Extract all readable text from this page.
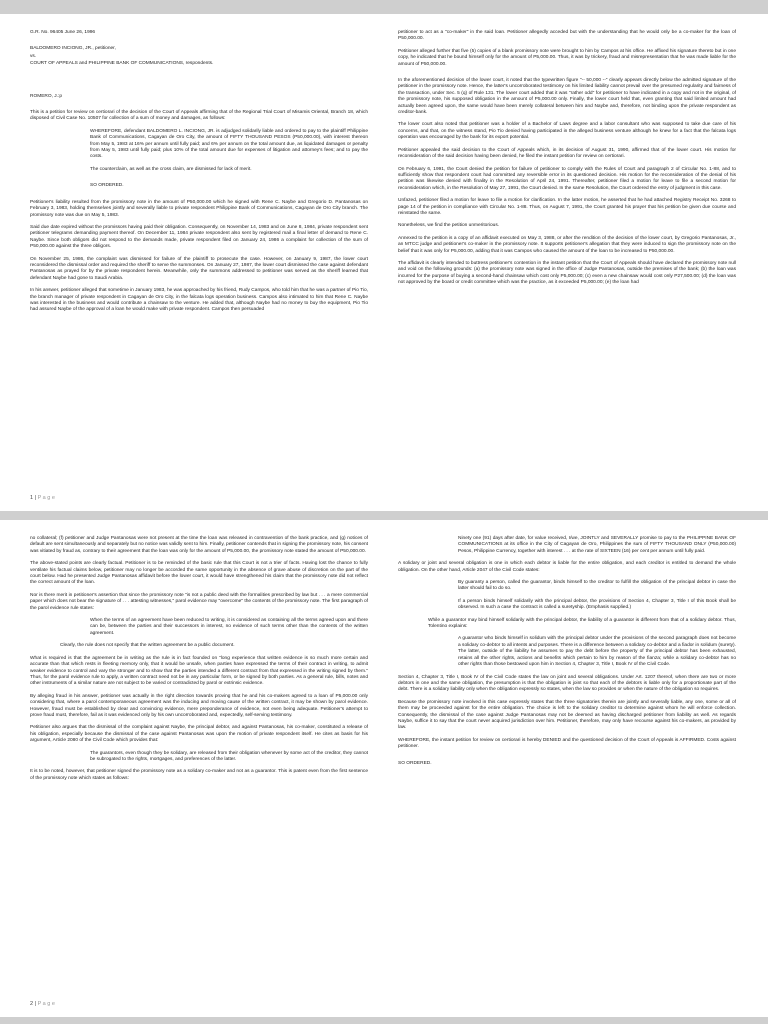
G.R. No. 96405 June 26, 1996

BALDOMERO INCIONG, JR., petitioner,

vs.

COURT OF APPEALS and PHILIPPINE BANK OF COMMUNICATIONS, respondents.

ROMERO, J.:p

This is a petition for review on certiorari of the decision of the Court of Appeals affirming that of the Regional Trial Court of Misamis Oriental, Branch 18, which disposed of Civil Case No. 10507 for collection of a sum of money and damages, as follows:

WHEREFORE, defendant BALDOMERO L. INCIONG, JR. is adjudged solidarily liable and ordered to pay to the plaintiff Philippine Bank of Communications, Cagayan de Oro City, the amount of FIFTY THOUSAND PESOS (P50,000.00), with interest thereon from May 5, 1983 at 16% per annum until fully paid; and 6% per annum on the total amount due, as liquidated damages or penalty from May 5, 1983 until fully paid; plus 10% of the total amount due for expenses of litigation and attorney's fees; and to pay the costs.

The counterclaim, as well as the cross claim, are dismissed for lack of merit.

SO ORDERED.

Petitioner's liability resulted from the promissory note in the amount of P50,000.00 which he signed with Rene C. Naybe and Gregorio D. Pantanosas on February 3, 1983, holding themselves jointly and severally liable to private respondent Philippine Bank of Communications, Cagayan de Oro City branch. The promissory note was due on May 5, 1983.

Said due date expired without the promissors having paid their obligation. Consequently, on November 14, 1983 and on June 8, 1984, private respondent sent petitioner telegrams demanding payment thereof. On December 11, 1984 private respondent also sent by registered mail a final letter of demand to Rene C. Naybe. Since both obligors did not respond to the demands made, private respondent filed on January 24, 1986 a complaint for collection of the sum of P50,000.00 against the three obligors.

On November 25, 1986, the complaint was dismissed for failure of the plaintiff to prosecute the case. However, on January 9, 1987, the lower court reconsidered the dismissal order and required the sheriff to serve the summonses. On January 27, 1987, the lower court dismissed the case against defendant Pantanosas as prayed for by the private respondent herein. Meanwhile, only the summons addressed to petitioner was served as the sheriff learned that defendant Naybe had gone to Saudi Arabia.

In his answer, petitioner alleged that sometime in January 1983, he was approached by his friend, Rudy Campos, who told him that he was a partner of Pio Tio, the branch manager of private respondent in Cagayan de Oro City, in the falcata logs operation business. Campos also intimated to him that Rene C. Naybe was interested in the business and would contribute a chainsaw to the venture. He added that, although Naybe had no money to buy the equipment, Pio Tio had assured Naybe of the approval of a loan he would make with private respondent. Campos then persuaded

petitioner to act as a "co-maker" in the said loan. Petitioner allegedly acceded but with the understanding that he would only be a co-maker for the loan of P50,000.00.

Petitioner alleged further that five (5) copies of a blank promissory note were brought to him by Campos at his office. He affixed his signature thereto but in one copy, he indicated that he bound himself only for the amount of P5,000.00. Thus, it was by trickery, fraud and misrepresentation that he was made liable for the amount of P50,000.00.

In the aforementioned decision of the lower court, it noted that the typewritten figure "-- 50,000 --" clearly appears directly below the admitted signature of the petitioner in the promissory note. Hence, the latter's uncorroborated testimony on his limited liability cannot prevail over the presumed regularity and fairness of the transaction, under Sec. 5 (q) of Rule 131. The lower court added that it was "rather odd" for petitioner to have indicated in a copy and not in the original, of the promissory note, his supposed obligation in the amount of P5,000.00 only. Finally, the lower court held that, even granting that said limited amount had actually been agreed upon, the same would have been merely collateral between him and Naybe and, therefore, not binding upon the private respondent as creditor-bank.

The lower court also noted that petitioner was a holder of a Bachelor of Laws degree and a labor consultant who was supposed to take due care of his concerns, and that, on the witness stand, Pio Tio denied having participated in the alleged business venture although he knew for a fact that the falcata logs operation was encouraged by the bank for its export potential.

Petitioner appealed the said decision to the Court of Appeals which, in its decision of August 31, 1990, affirmed that of the lower court. His motion for reconsideration of the said decision having been denied, he filed the instant petition for review on certiorari.

On February 6, 1991, the Court denied the petition for failure of petitioner to comply with the Rules of Court and paragraph 2 of Circular No. 1-88, and to sufficiently show that respondent court had committed any reversible error in its questioned decision. His motion for the reconsideration of the denial of his petition was likewise denied with finality in the Resolution of April 24, 1991. Thereafter, petitioner filed a motion for leave to file a second motion for reconsideration which, in the Resolution of May 27, 1991, the Court denied. In the same Resolution, the Court ordered the entry of judgment in this case.

Unfazed, petitioner filed a motion for leave to file a motion for clarification. In the latter motion, he asserted that he had attached Registry Receipt No. 3268 to page 14 of the petition in compliance with Circular No. 1-88. Thus, on August 7, 1991, the Court granted his prayer that his petition be given due course and reinstated the same.

Nonetheless, we find the petition unmeritorious.

Annexed to the petition is a copy of an affidavit executed on May 3, 1988, or after the rendition of the decision of the lower court, by Gregorio Pantanosas, Jr., an MTCC judge and petitioner's co-maker in the promissory note. It supports petitioner's allegation that they were induced to sign the promissory note on the belief that it was only for P5,000.00, adding that it was Campos who caused the amount of the loan to be increased to P50,000.00.

The affidavit is clearly intended to buttress petitioner's contention in the instant petition that the Court of Appeals should have declared the promissory note null and void on the following grounds: (a) the promissory note was signed in the office of Judge Pantanosas, outside the premises of the bank; (b) the loan was incurred for the purpose of buying a second-hand chainsaw which cost only P5,000.00; (c) even a new chainsaw would cost only P27,500.00; (d) the loan was not approved by the board or credit committee which was the practice, as it exceeded P5,000.00; (e) the loan had

1 | P a g e

no collateral; (f) petitioner and Judge Pantanosas were not present at the time the loan was released in contravention of the bank practice, and (g) notices of default are sent simultaneously and separately but no notice was validly sent to him. Finally, petitioner contends that in signing the promissory note, his consent was vitiated by fraud as, contrary to their agreement that the loan was only for the amount of P5,000.00, the promissory note stated the amount of P50,000.00.

The above-stated points are clearly factual. Petitioner is to be reminded of the basic rule that this Court is not a trier of facts. Having lost the chance to fully ventilate his factual claims below, petitioner may no longer be accorded the same opportunity in the absence of grave abuse of discretion on the part of the court below. Had he presented Judge Pantanosas affidavit before the lower court, it would have strengthened his claim that the promissory note did not reflect the correct amount of the loan.

Nor is there merit in petitioner's assertion that since the promissory note "is not a public deed with the formalities prescribed by law but . . . a mere commercial paper which does not bear the signature of . . . attesting witnesses," parol evidence may "overcome" the contents of the promissory note. The first paragraph of the parol evidence rule states:

When the terms of an agreement have been reduced to writing, it is considered as containing all the terms agreed upon and there can be, between the parties and their successors in interest, no evidence of such terms other than the contents of the written agreement.

Clearly, the rule does not specify that the written agreement be a public document.

What is required is that the agreement be in writing as the rule is in fact founded on "long experience that written evidence is so much more certain and accurate than that which rests in fleeting memory only, that it would be unsafe, when parties have expressed the terms of their contract in writing, to admit weaker evidence to control and vary the stronger and to show that the parties intended a different contract from that expressed in the writing signed by them." Thus, for the parol evidence rule to apply, a written contract need not be in any particular form, or be signed by both parties. As a general rule, bills, notes and other instruments of a similar nature are not subject to be varied or contradicted by parol or extrinsic evidence.

By alleging fraud in his answer, petitioner was actually in the right direction towards proving that he and his co-makers agreed to a loan of P5,000.00 only considering that, where a parol contemporaneous agreement was the inducing and moving cause of the written contract, it may be shown by parol evidence. However, fraud must be established by clear and convincing evidence, mere preponderance of evidence, not even being adequate. Petitioner's attempt to prove fraud must, therefore, fail as it was evidenced only by his own uncorroborated and, expectedly, self-serving testimony.

Petitioner also argues that the dismissal of the complaint against Naybe, the principal debtor, and against Pantanosas, his co-maker, constituted a release of his obligation, especially because the dismissal of the case against Pantanosas was upon the motion of private respondent itself. He cites as basis for his argument, Article 2080 of the Civil Code which provides that:

The guarantors, even though they be solidary, are released from their obligation whenever by some act of the creditor, they cannot be subrogated to the rights, mortgages, and preferences of the latter.

It is to be noted, however, that petitioner signed the promissory note as a solidary co-maker and not as a guarantor. This is patent even from the first sentence of the promissory note which states as follows:

Ninety one (91) days after date, for value received, I/we, JOINTLY and SEVERALLY promise to pay to the PHILIPPINE BANK OF COMMUNICATIONS at its office in the City of Cagayan de Oro, Philippines the sum of FIFTY THOUSAND ONLY (P50,000.00) Pesos, Philippine Currency, together with interest . . . at the rate of SIXTEEN (16) per cent per annum until fully paid.

A solidary or joint and several obligation is one in which each debtor is liable for the entire obligation, and each creditor is entitled to demand the whole obligation. On the other hand, Article 2047 of the Civil Code states:

By guaranty a person, called the guarantor, binds himself to the creditor to fulfill the obligation of the principal debtor in case the latter should fail to do so.

If a person binds himself solidarily with the principal debtor, the provisions of Section 4, Chapter 3, Title I of this Book shall be observed. In such a case the contract is called a suretyship. (Emphasis supplied.)

While a guarantor may bind himself solidarily with the principal debtor, the liability of a guarantor is different from that of a solidary debtor. Thus, Tolentino explains:

A guarantor who binds himself in solidum with the principal debtor under the provisions of the second paragraph does not become a solidary co-debtor to all intents and purposes. There is a difference between a solidary co-debtor and a fiador in solidum (surety). The latter, outside of the liability he assumes to pay the debt before the property of the principal debtor has been exhausted, retains all the other rights, actions and benefits which pertain to him by reason of the fianza; while a solidary co-debtor has no other rights than those bestowed upon him in Section 4, Chapter 3, Title I, Book IV of the Civil Code.

Section 4, Chapter 3, Title I, Book IV of the Civil Code states the law on joint and several obligations. Under Art. 1207 thereof, when there are two or more debtors in one and the same obligation, the presumption is that the obligation is joint so that each of the debtors is liable only for a proportionate part of the debt. There is a solidary liability only when the obligation expressly so states, when the law so provides or when the nature of the obligation so requires.

Because the promissory note involved in this case expressly states that the three signatories therein are jointly and severally liable, any one, some or all of them may be proceeded against for the entire obligation. The choice is left to the solidary creditor to determine against whom he will enforce collection. Consequently, the dismissal of the case against Judge Pantanosas may not be deemed as having discharged petitioner from liability as well. As regards Naybe, suffice it to say that the court never acquired jurisdiction over him. Petitioner, therefore, may only have recourse against his co-makers, as provided by law.

WHEREFORE, the instant petition for review on certiorari is hereby DENIED and the questioned decision of the Court of Appeals is AFFIRMED. Costs against petitioner.

SO ORDERED.

2 | P a g e
